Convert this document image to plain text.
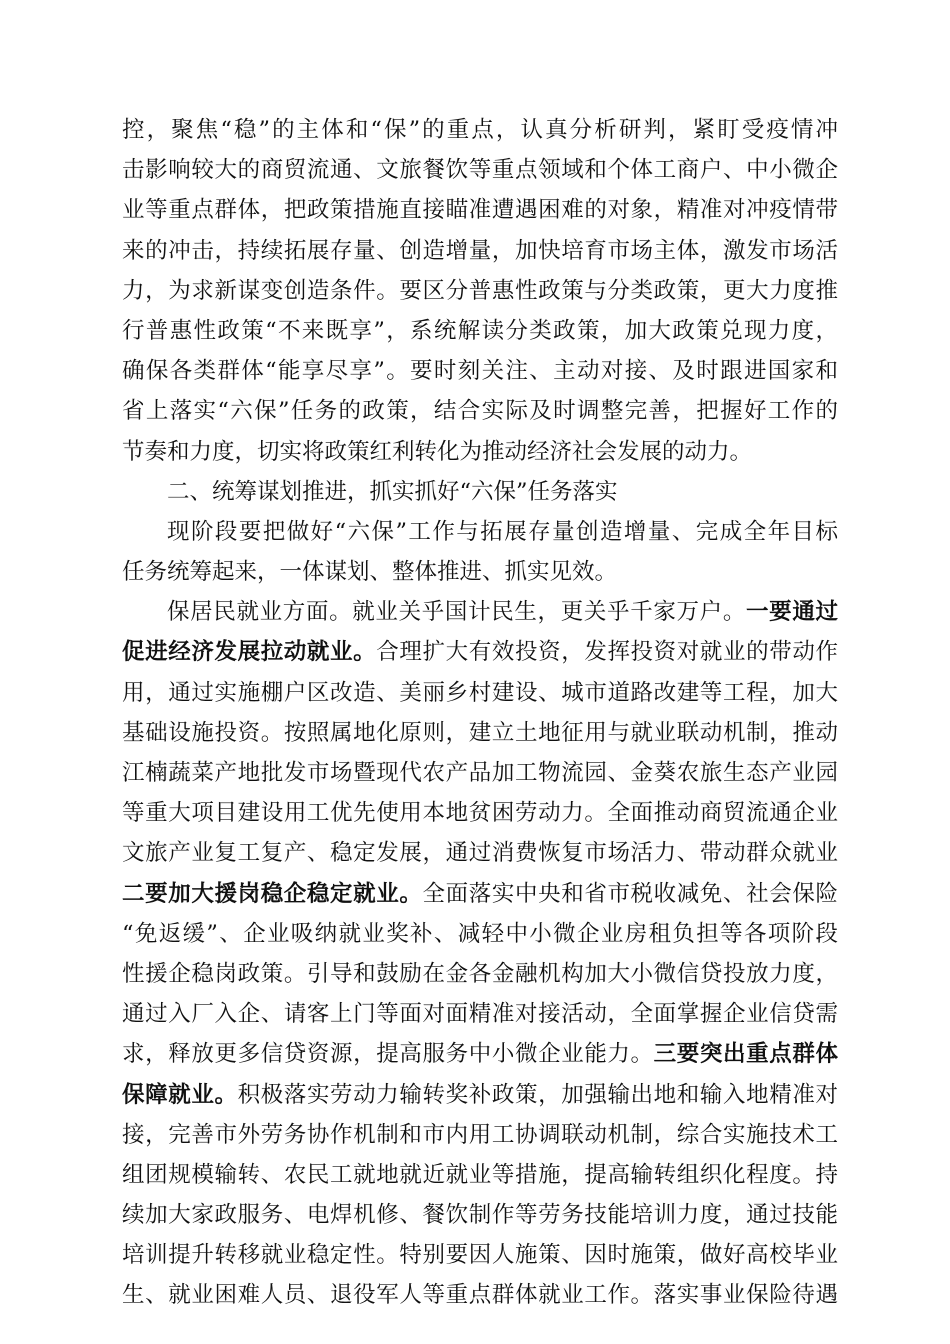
控，聚焦“稳”的主体和“保”的重点，认真分析研判，紧盯受疫情冲
击影响较大的商贸流通、文旅餐饮等重点领域和个体工商户、中小微企
业等重点群体，把政策措施直接瞄准遭遇困难的对象，精准对冲疫情带
来的冲击，持续拓展存量、创造增量，加快培育市场主体，激发市场活
力，为求新谋变创造条件。要区分普惠性政策与分类政策，更大力度推
行普惠性政策“不来既享”，系统解读分类政策，加大政策兑现力度，
确保各类群体“能享尽享”。要时刻关注、主动对接、及时跟进国家和
省上落实“六保”任务的政策，结合实际及时调整完善，把握好工作的
节奏和力度，切实将政策红利转化为推动经济社会发展的动力。
二、统筹谋划推进，抓实抓好“六保”任务落实
现阶段要把做好“六保”工作与拓展存量创造增量、完成全年目标
任务统筹起来，一体谋划、整体推进、抓实见效。
保居民就业方面。就业关乎国计民生，更关乎千家万户。一要通过
促进经济发展拉动就业。合理扩大有效投资，发挥投资对就业的带动作
用，通过实施棚户区改造、美丽乡村建设、城市道路改建等工程，加大
基础设施投资。按照属地化原则，建立土地征用与就业联动机制，推动
江楠蔬菜产地批发市场暨现代农产品加工物流园、金葵农旅生态产业园
等重大项目建设用工优先使用本地贫困劳动力。全面推动商贸流通企业
文旅产业复工复产、稳定发展，通过消费恢复市场活力、带动群众就业
二要加大援岗稳企稳定就业。全面落实中央和省市税收减免、社会保险
“免返缓”、企业吸纳就业奖补、减轻中小微企业房租负担等各项阶段
性援企稳岗政策。引导和鼓励在金各金融机构加大小微信贷投放力度，
通过入厂入企、请客上门等面对面精准对接活动，全面掌握企业信贷需
求，释放更多信贷资源，提高服务中小微企业能力。三要突出重点群体
保障就业。积极落实劳动力输转奖补政策，加强输出地和输入地精准对
接，完善市外劳务协作机制和市内用工协调联动机制，综合实施技术工
组团规模输转、农民工就地就近就业等措施，提高输转组织化程度。持
续加大家政服务、电焊机修、餐饮制作等劳务技能培训力度，通过技能
培训提升转移就业稳定性。特别要因人施策、因时施策，做好高校毕业
生、就业困难人员、退役军人等重点群体就业工作。落实事业保险待遇
